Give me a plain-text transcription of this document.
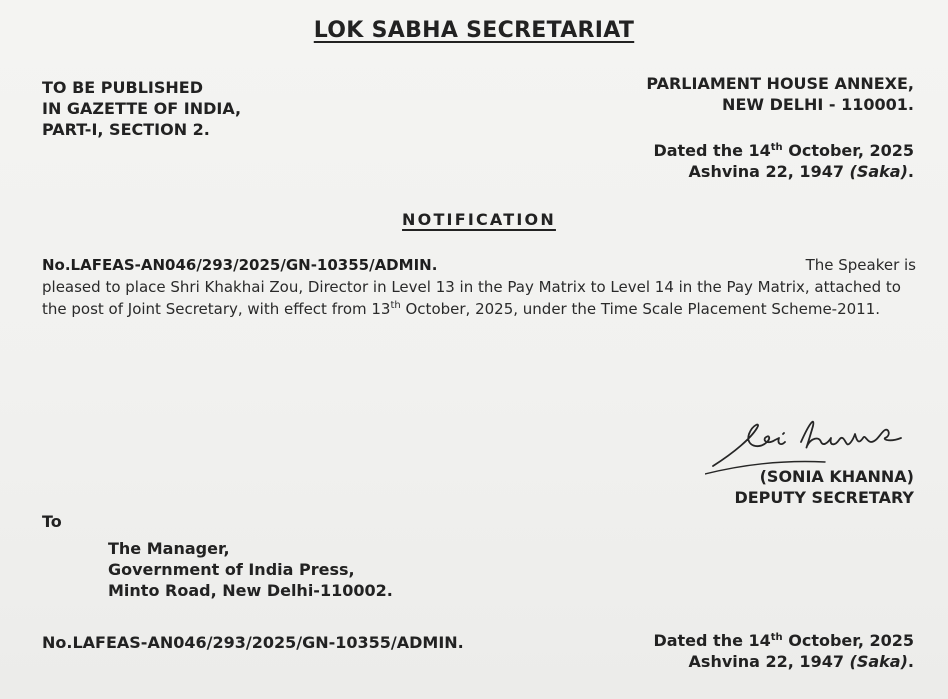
LOK SABHA SECRETARIAT
TO BE PUBLISHED
IN GAZETTE OF INDIA,
PART-I, SECTION 2.
PARLIAMENT HOUSE ANNEXE,
NEW DELHI - 110001.
Dated the 14th October, 2025
Ashvina 22, 1947 (Saka).
NOTIFICATION
The Speaker is
No.LAFEAS-AN046/293/2025/GN-10355/ADMIN.
pleased to place Shri Khakhai Zou, Director in Level 13 in the Pay Matrix to Level 14 in the Pay Matrix, attached to the post of Joint Secretary, with effect from 13th October, 2025, under the Time Scale Placement Scheme-2011.
(SONIA KHANNA)
DEPUTY SECRETARY
To
The Manager,
Government of India Press,
Minto Road, New Delhi-110002.
No.LAFEAS-AN046/293/2025/GN-10355/ADMIN.	Dated the 14th October, 2025
Ashvina 22, 1947 (Saka).
